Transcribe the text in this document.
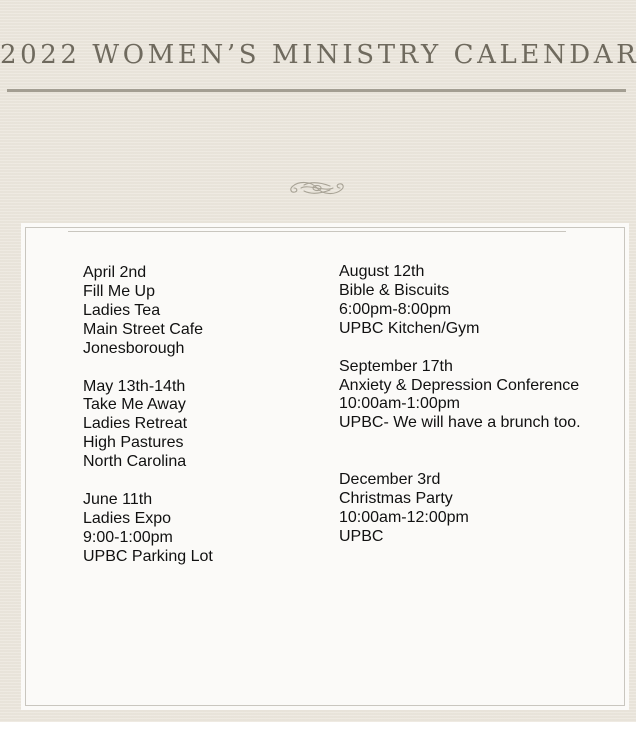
2022 WOMEN’S MINISTRY CALENDAR
April 2nd
Fill Me Up
Ladies Tea
Main Street Cafe
Jonesborough
May 13th-14th
Take Me Away
Ladies Retreat
High Pastures
North Carolina
June 11th
Ladies Expo
9:00-1:00pm
UPBC Parking Lot
August 12th
Bible & Biscuits
6:00pm-8:00pm
UPBC Kitchen/Gym
September 17th
Anxiety & Depression Conference
10:00am-1:00pm
UPBC- We will have a brunch too.
December 3rd
Christmas Party
10:00am-12:00pm
UPBC
